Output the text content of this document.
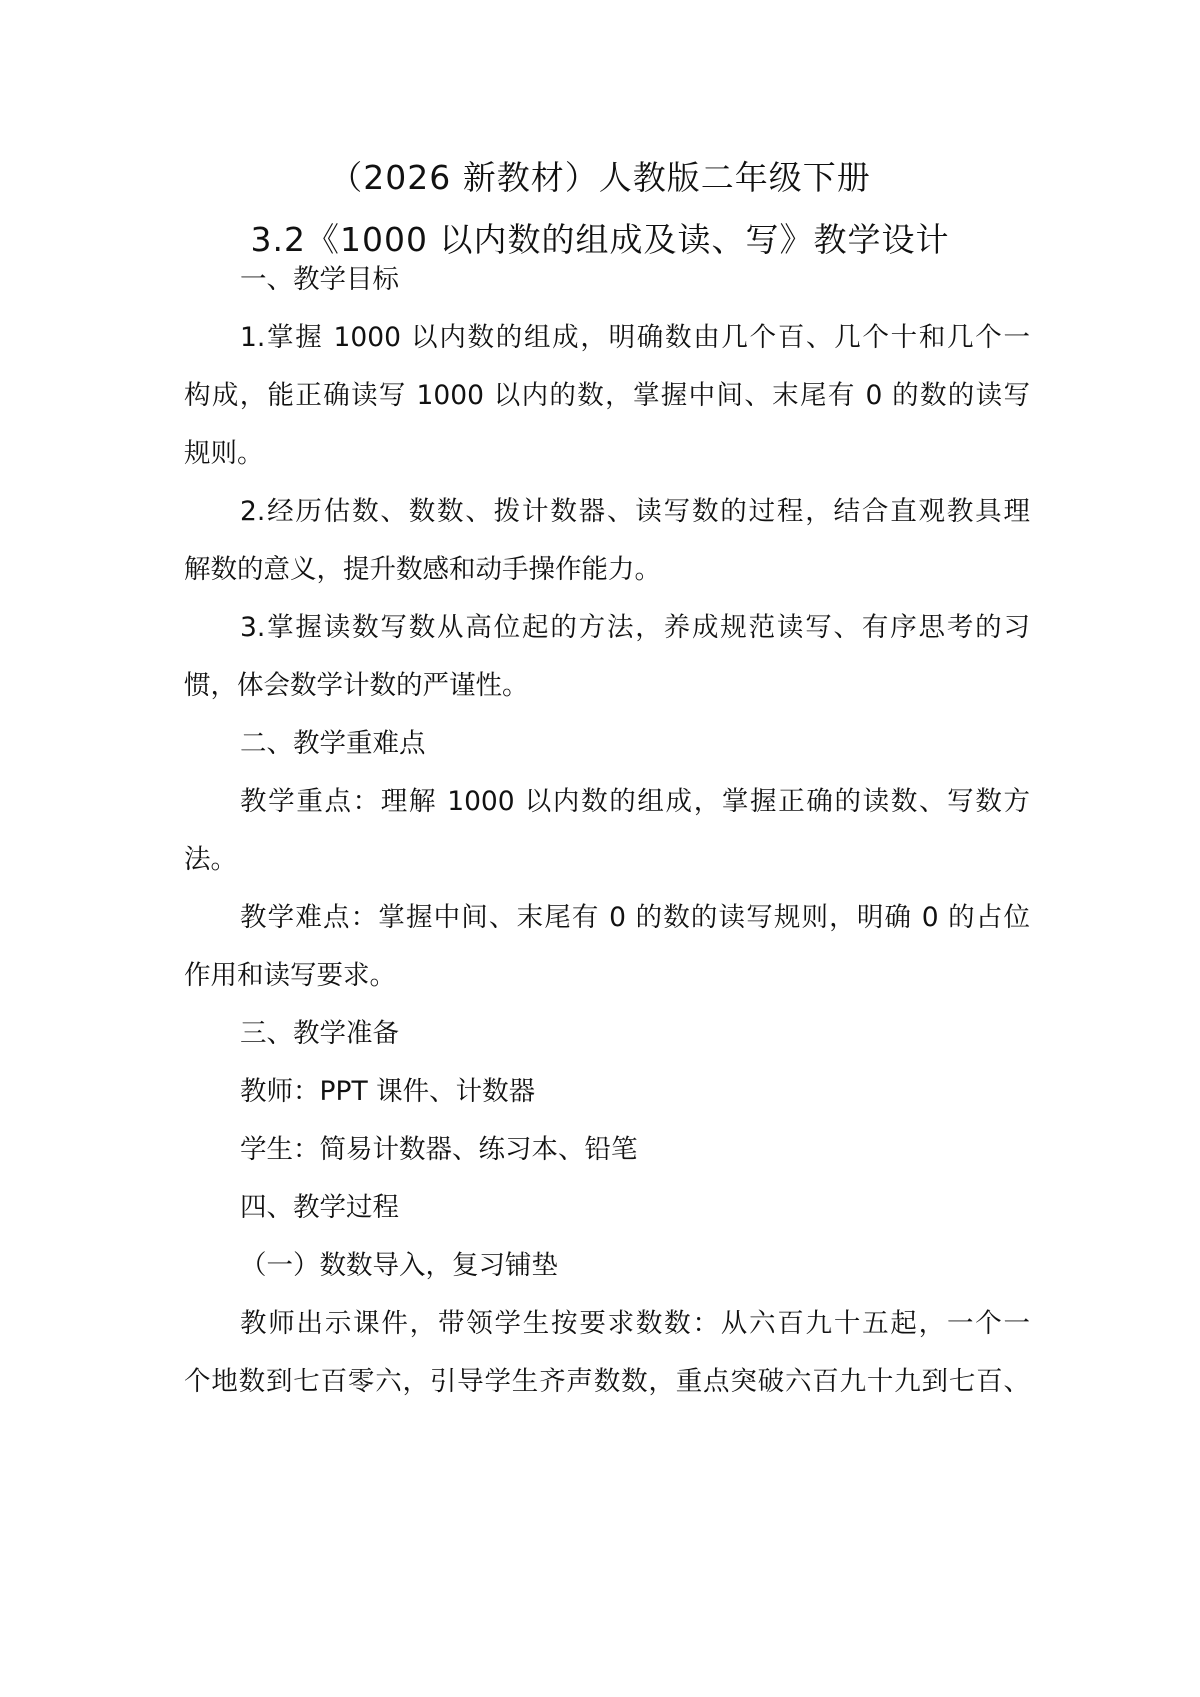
（2026 新教材）人教版二年级下册
3.2《1000 以内数的组成及读、写》教学设计
一、教学目标
1.掌握 1000 以内数的组成，明确数由几个百、几个十和几个一
构成，能正确读写 1000 以内的数，掌握中间、末尾有 0 的数的读写
规则。
2.经历估数、数数、拨计数器、读写数的过程，结合直观教具理
解数的意义，提升数感和动手操作能力。
3.掌握读数写数从高位起的方法，养成规范读写、有序思考的习
惯，体会数学计数的严谨性。
二、教学重难点
教学重点：理解 1000 以内数的组成，掌握正确的读数、写数方
法。
教学难点：掌握中间、末尾有 0 的数的读写规则，明确 0 的占位
作用和读写要求。
三、教学准备
教师：PPT 课件、计数器
学生：简易计数器、练习本、铅笔
四、教学过程
（一）数数导入，复习铺垫
教师出示课件，带领学生按要求数数：从六百九十五起，一个一
个地数到七百零六，引导学生齐声数数，重点突破六百九十九到七百、
